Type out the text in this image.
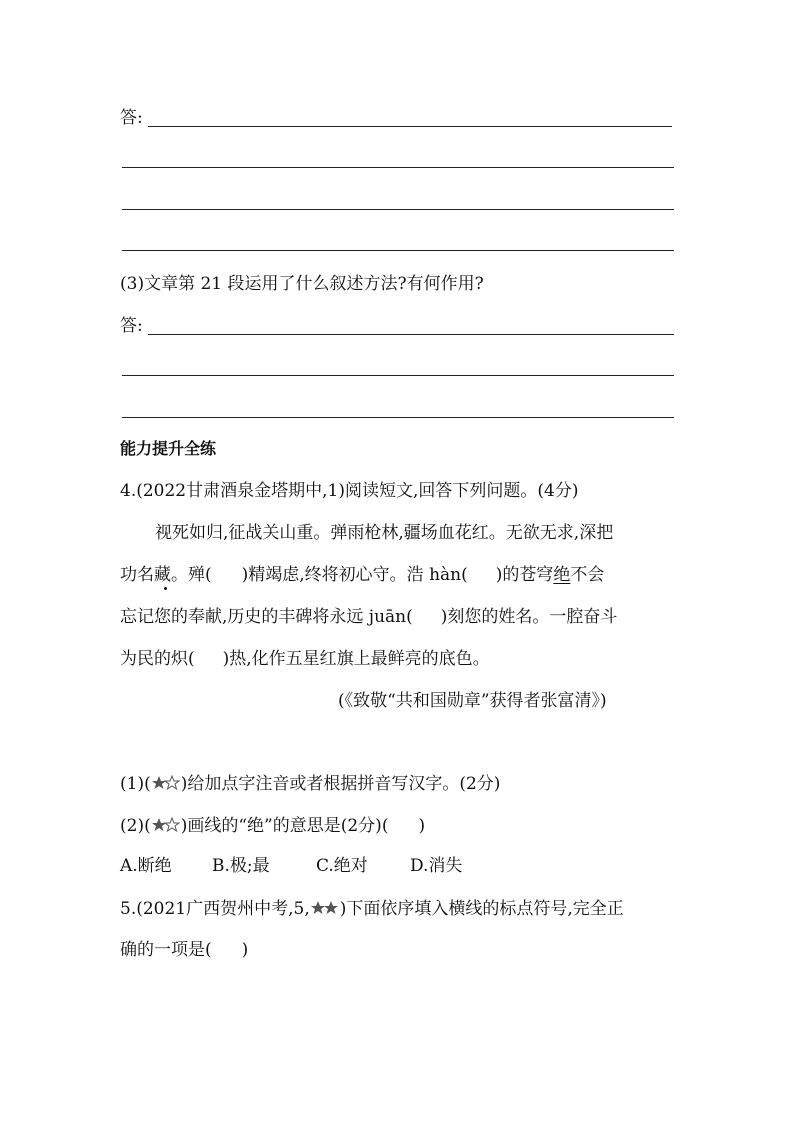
答:
(3)文章第 21 段运用了什么叙述方法?有何作用?
答:
能力提升全练
4.(2022甘肃酒泉金塔期中,1)阅读短文,回答下列问题。(4分)
视死如归,征战关山重。弹雨枪林,疆场血花红。无欲无求,深把
功名藏。殚( )精竭虑,终将初心守。浩 hàn( )的苍穹绝不会
忘记您的奉献,历史的丰碑将永远 juān( )刻您的姓名。一腔奋斗
为民的炽( )热,化作五星红旗上最鲜亮的底色。
(《致敬“共和国勋章”获得者张富清》)
(1)( )给加点字注音或者根据拼音写汉字。(2分)
(2)( )画线的“绝”的意思是(2分)( )
A.断绝 B.极;最	C.绝对 D.消失
5.(2021广西贺州中考,5, )下面依序填入横线的标点符号,完全正
确的一项是( )
